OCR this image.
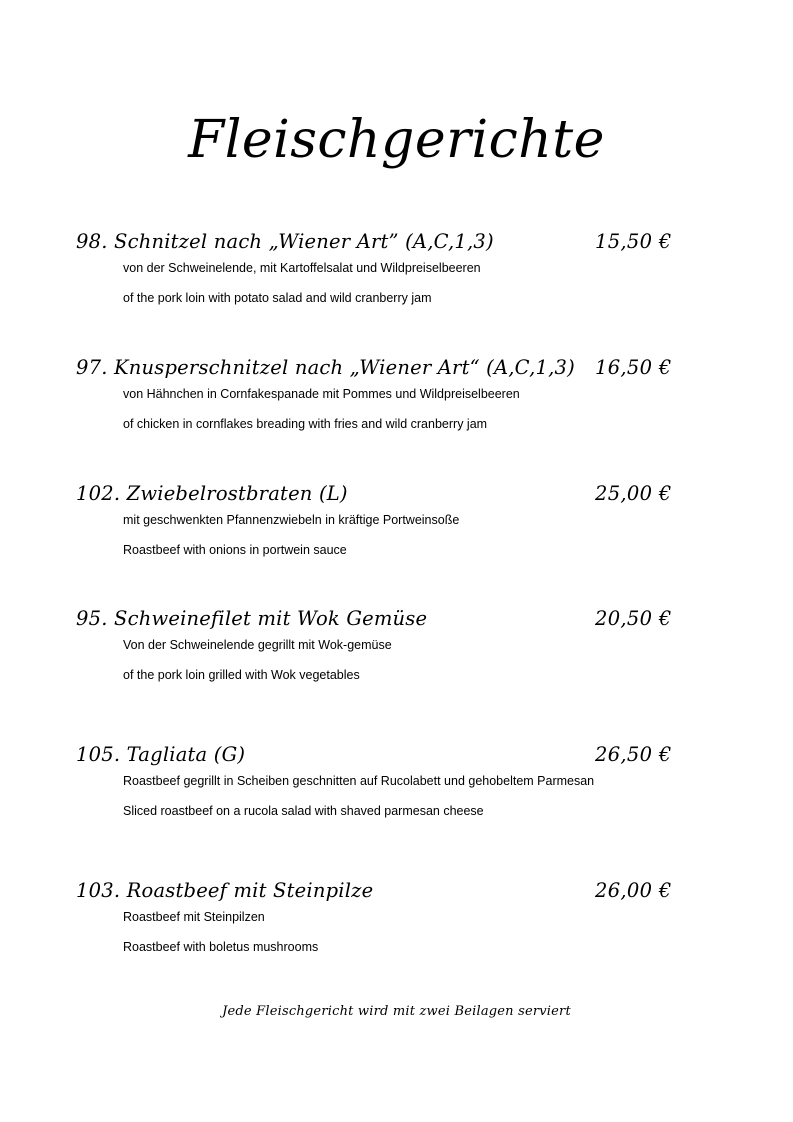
Fleischgerichte
98. Schnitzel nach „Wiener Art” (A,C,1,3)	15,50 €
von der Schweinelende, mit Kartoffelsalat und Wildpreiselbeeren
of the pork loin with potato salad and wild cranberry jam
97. Knusperschnitzel nach „Wiener Art“ (A,C,1,3) 16,50 €
von Hähnchen in Cornfakespanade mit Pommes und Wildpreiselbeeren
of chicken in cornflakes breading with fries and wild cranberry jam
102. Zwiebelrostbraten (L)	25,00 €
mit geschwenkten Pfannenzwiebeln in kräftige Portweinsoße
Roastbeef with onions in portwein sauce
95. Schweinefilet mit Wok Gemüse	20,50 €
Von der Schweinelende gegrillt mit Wok-gemüse
of the pork loin grilled with Wok vegetables
105. Tagliata (G)	26,50 €
Roastbeef gegrillt in Scheiben geschnitten auf Rucolabett und gehobeltem Parmesan
Sliced roastbeef on a rucola salad with shaved parmesan cheese
103. Roastbeef mit Steinpilze	26,00 €
Roastbeef mit Steinpilzen
Roastbeef with boletus mushrooms
Jede Fleischgericht wird mit zwei Beilagen serviert
